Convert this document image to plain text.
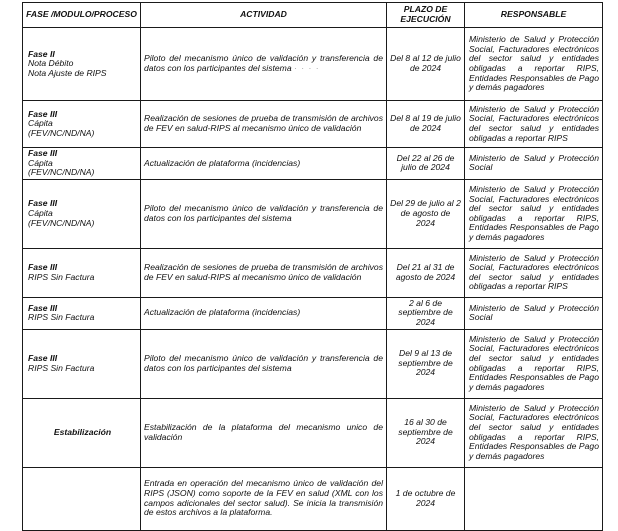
FASE /MODULO/PROCESO	ACTIVIDAD	PLAZO DE EJECUCIÓN	RESPONSABLE

Fase II
Nota Débito
Nota Ajuste de RIPS	Piloto del mecanismo único de validación y transferencia de datos con los participantes del sistema · · · ·	Del 8 al 12 de julio de 2024	Ministerio de Salud y Protección Social, Facturadores electrónicos del sector salud y entidades obligadas a reportar RIPS, Entidades Responsables de Pago y demás pagadores

Fase III
Cápita
(FEV/NC/ND/NA)	Realización de sesiones de prueba de transmisión de archivos de FEV en salud-RIPS al mecanismo único de validación	Del 8 al 19 de julio de 2024	Ministerio de Salud y Protección Social, Facturadores electrónicos del sector salud y entidades obligadas a reportar RIPS

Fase III
Cápita
(FEV/NC/ND/NA)	Actualización de plataforma (incidencias)	Del 22 al 26 de julio de 2024	Ministerio de Salud y Protección Social

Fase III
Cápita
(FEV/NC/ND/NA)	Piloto del mecanismo único de validación y transferencia de datos con los participantes del sistema	Del 29 de julio al 2 de agosto de 2024	Ministerio de Salud y Protección Social, Facturadores electrónicos del sector salud y entidades obligadas a reportar RIPS, Entidades Responsables de Pago y demás pagadores

Fase III
RIPS Sin Factura	Realización de sesiones de prueba de transmisión de archivos de FEV en salud-RIPS al mecanismo único de validación	Del 21 al 31 de agosto de 2024	Ministerio de Salud y Protección Social, Facturadores electrónicos del sector salud y entidades obligadas a reportar RIPS

Fase III
RIPS Sin Factura	Actualización de plataforma (incidencias)	2 al 6 de septiembre de 2024	Ministerio de Salud y Protección Social

Fase III
RIPS Sin Factura	Piloto del mecanismo único de validación y transferencia de datos con los participantes del sistema	Del 9 al 13 de septiembre de 2024	Ministerio de Salud y Protección Social, Facturadores electrónicos del sector salud y entidades obligadas a reportar RIPS, Entidades Responsables de Pago y demás pagadores

Estabilización	Estabilización de la plataforma del mecanismo unico de validación	16 al 30 de septiembre de 2024	Ministerio de Salud y Protección Social, Facturadores electrónicos del sector salud y entidades obligadas a reportar RIPS, Entidades Responsables de Pago y demás pagadores
	Entrada en operación del mecanismo único de validación del RIPS (JSON) como soporte de la FEV en salud (XML con los campos adicionales del sector salud). Se inicia la transmisión de estos archivos a la plataforma.	1 de octubre de 2024	
